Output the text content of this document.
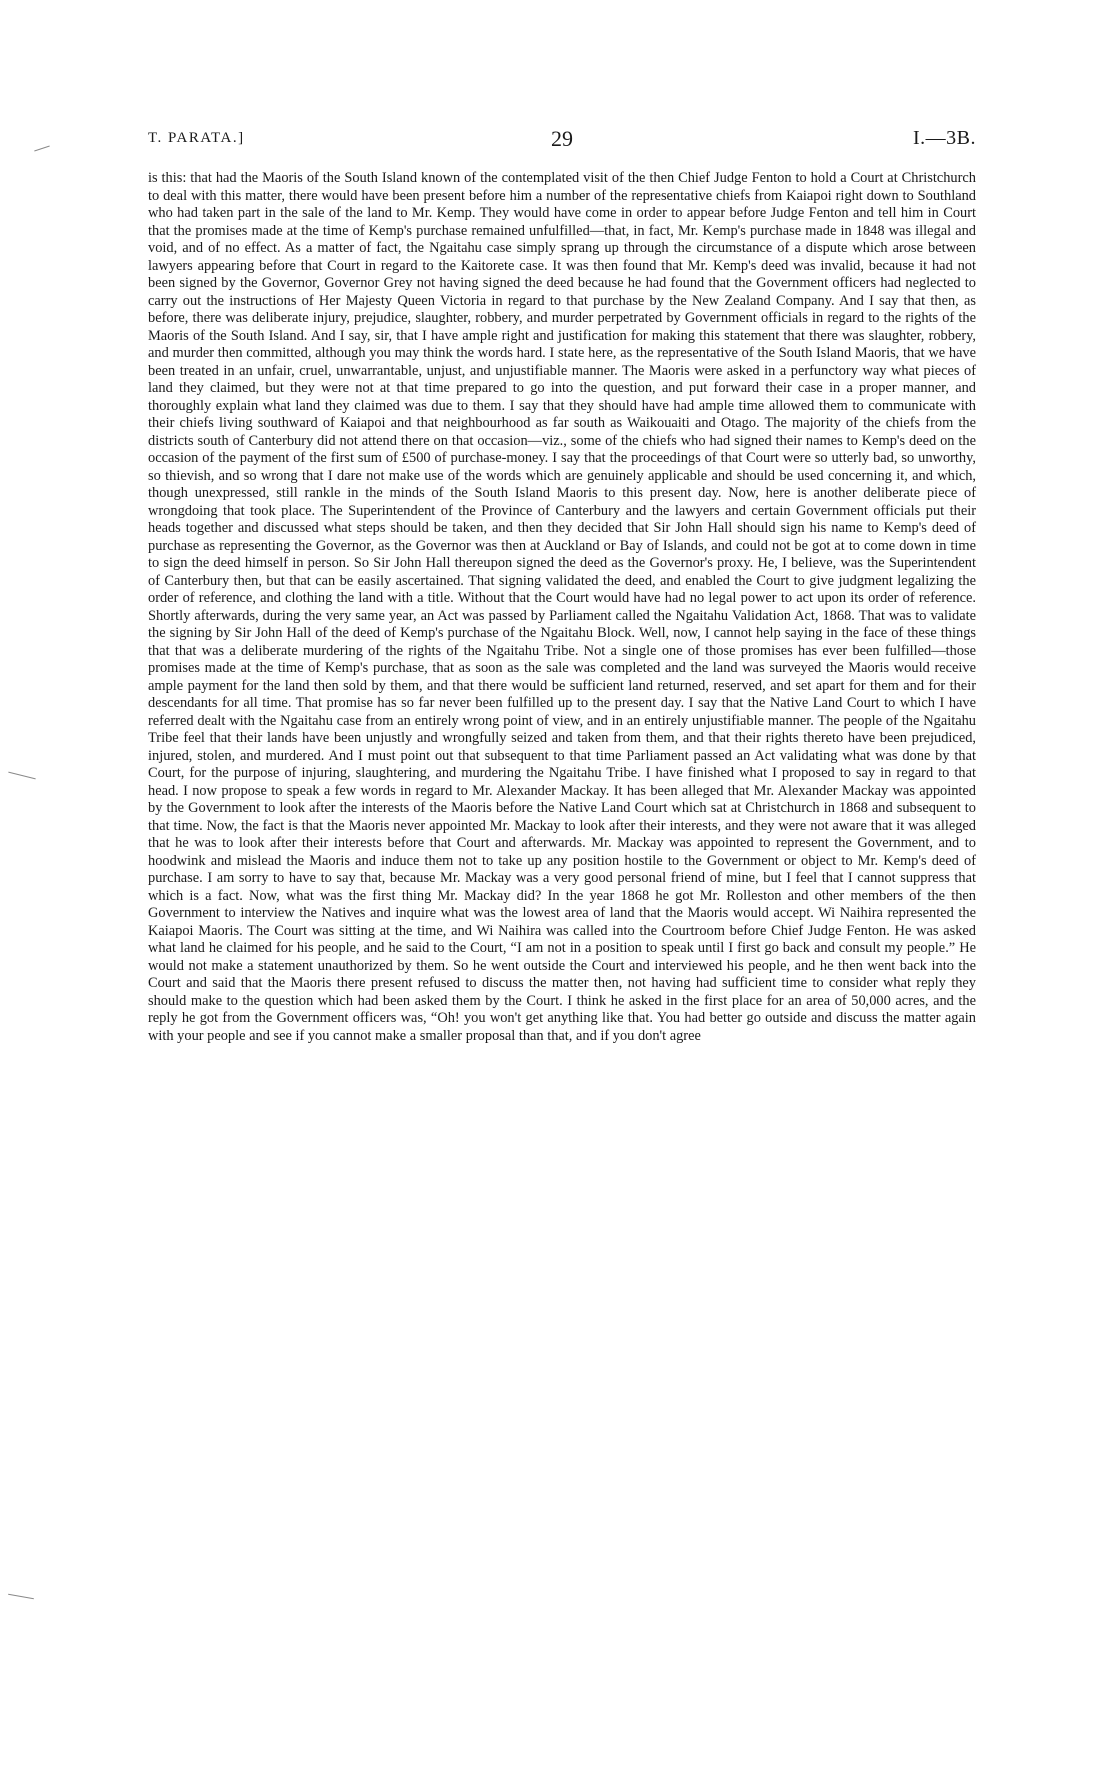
T. PARATA.]	29	I.—3B.

is this: that had the Maoris of the South Island known of the contemplated visit of the then Chief Judge Fenton to hold a Court at Christchurch to deal with this matter, there would have been present before him a number of the representative chiefs from Kaiapoi right down to Southland who had taken part in the sale of the land to Mr. Kemp. They would have come in order to appear before Judge Fenton and tell him in Court that the promises made at the time of Kemp's purchase remained unfulfilled—that, in fact, Mr. Kemp's purchase made in 1848 was illegal and void, and of no effect. As a matter of fact, the Ngaitahu case simply sprang up through the circumstance of a dispute which arose between lawyers appearing before that Court in regard to the Kaitorete case. It was then found that Mr. Kemp's deed was invalid, because it had not been signed by the Governor, Governor Grey not having signed the deed because he had found that the Government officers had neglected to carry out the instructions of Her Majesty Queen Victoria in regard to that purchase by the New Zealand Company. And I say that then, as before, there was deliberate injury, prejudice, slaughter, robbery, and murder perpetrated by Government officials in regard to the rights of the Maoris of the South Island. And I say, sir, that I have ample right and justification for making this statement that there was slaughter, robbery, and murder then committed, although you may think the words hard. I state here, as the representative of the South Island Maoris, that we have been treated in an unfair, cruel, unwarrantable, unjust, and unjustifiable manner. The Maoris were asked in a perfunctory way what pieces of land they claimed, but they were not at that time prepared to go into the question, and put forward their case in a proper manner, and thoroughly explain what land they claimed was due to them. I say that they should have had ample time allowed them to communicate with their chiefs living southward of Kaiapoi and that neighbourhood as far south as Waikouaiti and Otago. The majority of the chiefs from the districts south of Canterbury did not attend there on that occasion—viz., some of the chiefs who had signed their names to Kemp's deed on the occasion of the payment of the first sum of £500 of purchase-money. I say that the proceedings of that Court were so utterly bad, so unworthy, so thievish, and so wrong that I dare not make use of the words which are genuinely applicable and should be used concerning it, and which, though unexpressed, still rankle in the minds of the South Island Maoris to this present day. Now, here is another deliberate piece of wrongdoing that took place. The Superintendent of the Province of Canterbury and the lawyers and certain Government officials put their heads together and discussed what steps should be taken, and then they decided that Sir John Hall should sign his name to Kemp's deed of purchase as representing the Governor, as the Governor was then at Auckland or Bay of Islands, and could not be got at to come down in time to sign the deed himself in person. So Sir John Hall thereupon signed the deed as the Governor's proxy. He, I believe, was the Superintendent of Canterbury then, but that can be easily ascertained. That signing validated the deed, and enabled the Court to give judgment legalizing the order of reference, and clothing the land with a title. Without that the Court would have had no legal power to act upon its order of reference. Shortly afterwards, during the very same year, an Act was passed by Parliament called the Ngaitahu Validation Act, 1868. That was to validate the signing by Sir John Hall of the deed of Kemp's purchase of the Ngaitahu Block. Well, now, I cannot help saying in the face of these things that that was a deliberate murdering of the rights of the Ngaitahu Tribe. Not a single one of those promises has ever been fulfilled—those promises made at the time of Kemp's purchase, that as soon as the sale was completed and the land was surveyed the Maoris would receive ample payment for the land then sold by them, and that there would be sufficient land returned, reserved, and set apart for them and for their descendants for all time. That promise has so far never been fulfilled up to the present day. I say that the Native Land Court to which I have referred dealt with the Ngaitahu case from an entirely wrong point of view, and in an entirely unjustifiable manner. The people of the Ngaitahu Tribe feel that their lands have been unjustly and wrongfully seized and taken from them, and that their rights thereto have been prejudiced, injured, stolen, and murdered. And I must point out that subsequent to that time Parliament passed an Act validating what was done by that Court, for the purpose of injuring, slaughtering, and murdering the Ngaitahu Tribe. I have finished what I proposed to say in regard to that head. I now propose to speak a few words in regard to Mr. Alexander Mackay. It has been alleged that Mr. Alexander Mackay was appointed by the Government to look after the interests of the Maoris before the Native Land Court which sat at Christchurch in 1868 and subsequent to that time. Now, the fact is that the Maoris never appointed Mr. Mackay to look after their interests, and they were not aware that it was alleged that he was to look after their interests before that Court and afterwards. Mr. Mackay was appointed to represent the Government, and to hoodwink and mislead the Maoris and induce them not to take up any position hostile to the Government or object to Mr. Kemp's deed of purchase. I am sorry to have to say that, because Mr. Mackay was a very good personal friend of mine, but I feel that I cannot suppress that which is a fact. Now, what was the first thing Mr. Mackay did? In the year 1868 he got Mr. Rolleston and other members of the then Government to interview the Natives and inquire what was the lowest area of land that the Maoris would accept. Wi Naihira represented the Kaiapoi Maoris. The Court was sitting at the time, and Wi Naihira was called into the Courtroom before Chief Judge Fenton. He was asked what land he claimed for his people, and he said to the Court, “I am not in a position to speak until I first go back and consult my people.” He would not make a statement unauthorized by them. So he went outside the Court and interviewed his people, and he then went back into the Court and said that the Maoris there present refused to discuss the matter then, not having had sufficient time to consider what reply they should make to the question which had been asked them by the Court. I think he asked in the first place for an area of 50,000 acres, and the reply he got from the Government officers was, “Oh! you won't get anything like that. You had better go outside and discuss the matter again with your people and see if you cannot make a smaller proposal than that, and if you don't agree
